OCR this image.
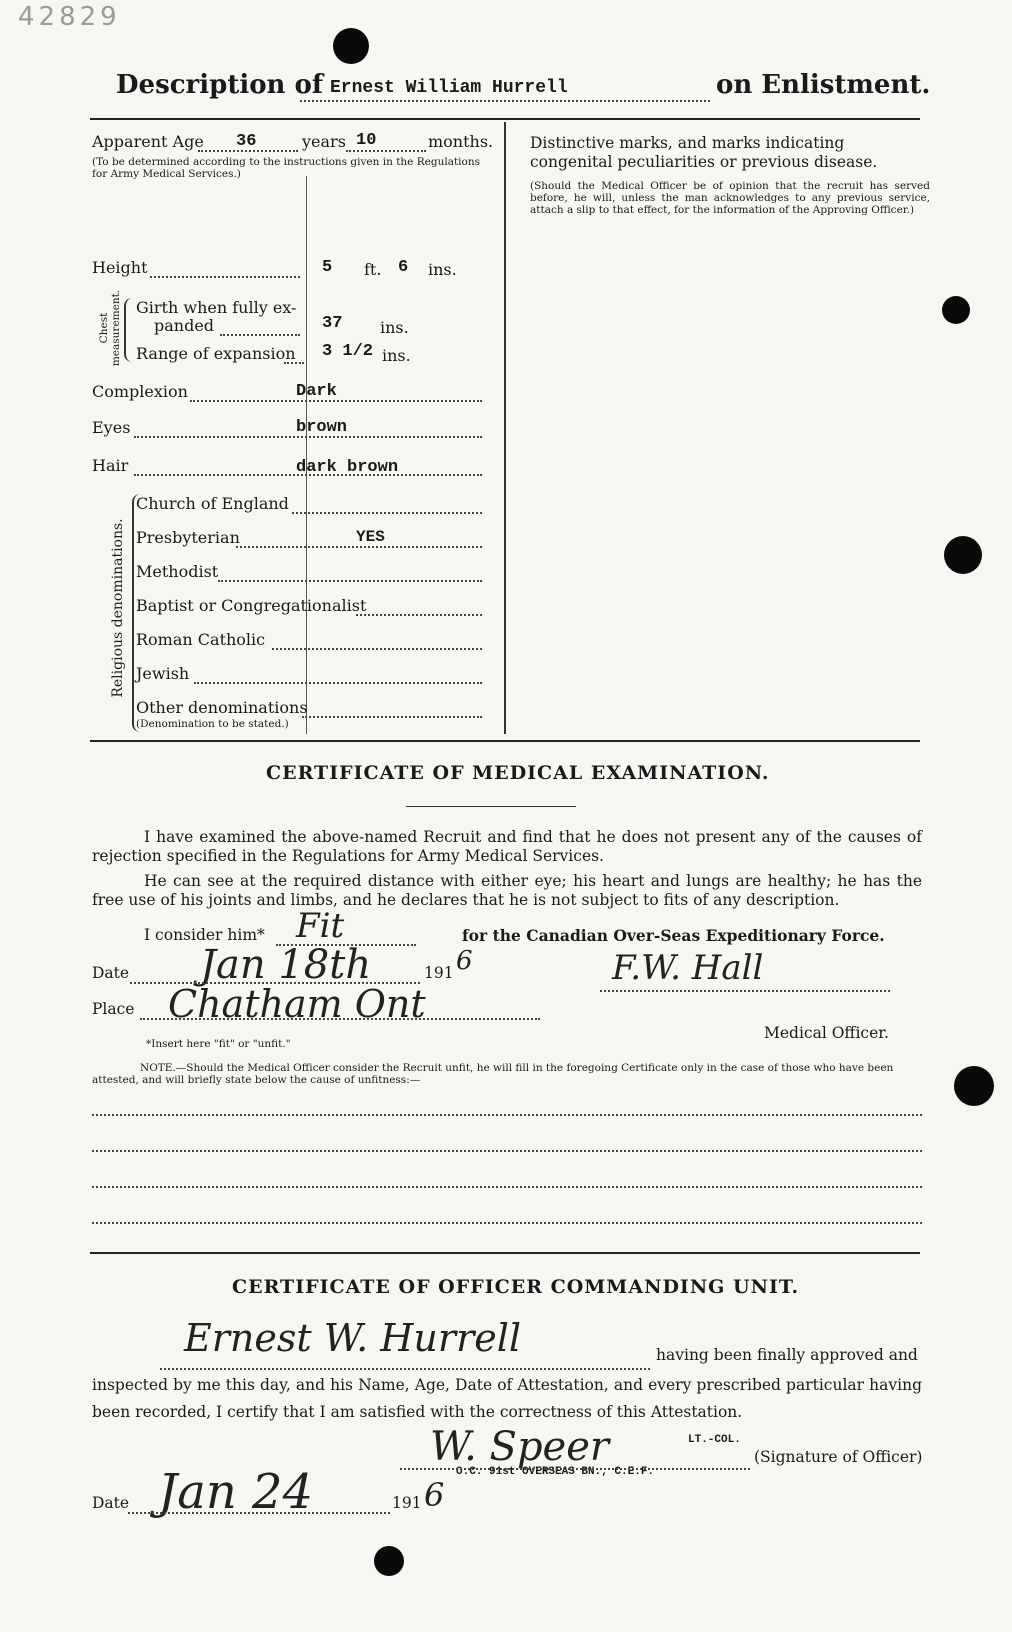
42829
Description of Ernest William Hurrell	on Enlistment.
Apparent Age 36	years 10	months.
(To be determined according to the instructions given in the Regulations for Army Medical Services.)
Height	5 ft. 6 ins.
Chest measurement. Girth when fully ex-
panded	37 ins.
Range of expansion 3 1/2 ins.
Complexion	Dark
Eyes	brown
Hair	dark brown
Religious denominations.
Church of England
Presbyterian	YES
Methodist
Baptist or Congregationalist
Roman Catholic
Jewish
Other denominations
(Denomination to be stated.)
Distinctive marks, and marks indicating congenital peculiarities or previous disease.
(Should the Medical Officer be of opinion that the recruit has served before, he will, unless the man acknowledges to any previous service, attach a slip to that effect, for the information of the Approving Officer.)
CERTIFICATE OF MEDICAL EXAMINATION.
I have examined the above-named Recruit and find that he does not present any of the causes of rejection specified in the Regulations for Army Medical Services.
He can see at the required distance with either eye; his heart and lungs are healthy; he has the free use of his joints and limbs, and he declares that he is not subject to fits of any description.
I consider him* Fit	for the Canadian Over-Seas Expeditionary Force.
Date Jan 18th	191 6	F.W. Hall
Place Chatham Ont
*Insert here "fit" or "unfit."
Medical Officer.
NOTE.—Should the Medical Officer consider the Recruit unfit, he will fill in the foregoing Certificate only in the case of those who have been attested, and will briefly state below the cause of unfitness:—
CERTIFICATE OF OFFICER COMMANDING UNIT.
Ernest W. Hurrell	having been finally approved and
inspected by me this day, and his Name, Age, Date of Attestation, and every prescribed particular having been recorded, I certify that I am satisfied with the correctness of this Attestation.
W. Speer	LT.-COL.
O.C. 91st OVERSEAS BN., C.E.F.
(Signature of Officer)
Date Jan 24	191 6
